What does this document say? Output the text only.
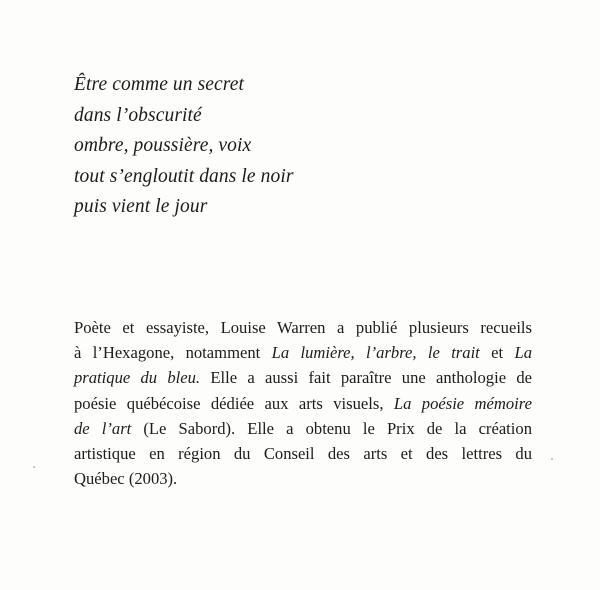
Être comme un secret
dans l’obscurité
ombre, poussière, voix
tout s’engloutit dans le noir
puis vient le jour
Poète et essayiste, Louise Warren a publié plusieurs recueils
à l’Hexagone, notamment La lumière, l’arbre, le trait et La
pratique du bleu. Elle a aussi fait paraître une anthologie de
poésie québécoise dédiée aux arts visuels, La poésie mémoire
de l’art (Le Sabord). Elle a obtenu le Prix de la création
artistique en région du Conseil des arts et des lettres du
Québec (2003).
